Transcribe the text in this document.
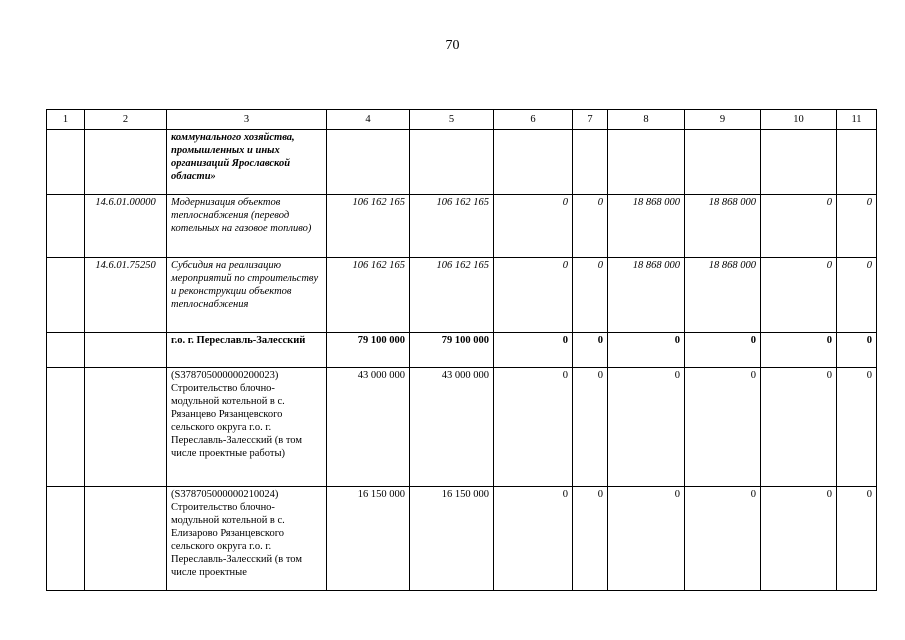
70
1	2	3	4	5	6	7	8	9	10	11
		коммунального хозяйства, промышленных и иных организаций Ярославской области»								
	14.6.01.00000	Модернизация объектов теплоснабжения (перевод котельных на газовое топливо)	106 162 165	106 162 165	0	0	18 868 000	18 868 000	0	0
	14.6.01.75250	Субсидия на реализацию мероприятий по строительству и реконструкции объектов теплоснабжения	106 162 165	106 162 165	0	0	18 868 000	18 868 000	0	0
		г.о. г. Переславль-Залесский	79 100 000	79 100 000	0	0	0	0	0	0
		(S378705000000200023) Строительство блочно-модульной котельной в с. Рязанцево Рязанцевского сельского округа г.о. г. Переславль-Залесский (в том числе проектные работы)	43 000 000	43 000 000	0	0	0	0	0	0
		(S378705000000210024) Строительство блочно-модульной котельной в с. Елизарово Рязанцевского сельского округа г.о. г. Переславль-Залесский (в том числе проектные	16 150 000	16 150 000	0	0	0	0	0	0
